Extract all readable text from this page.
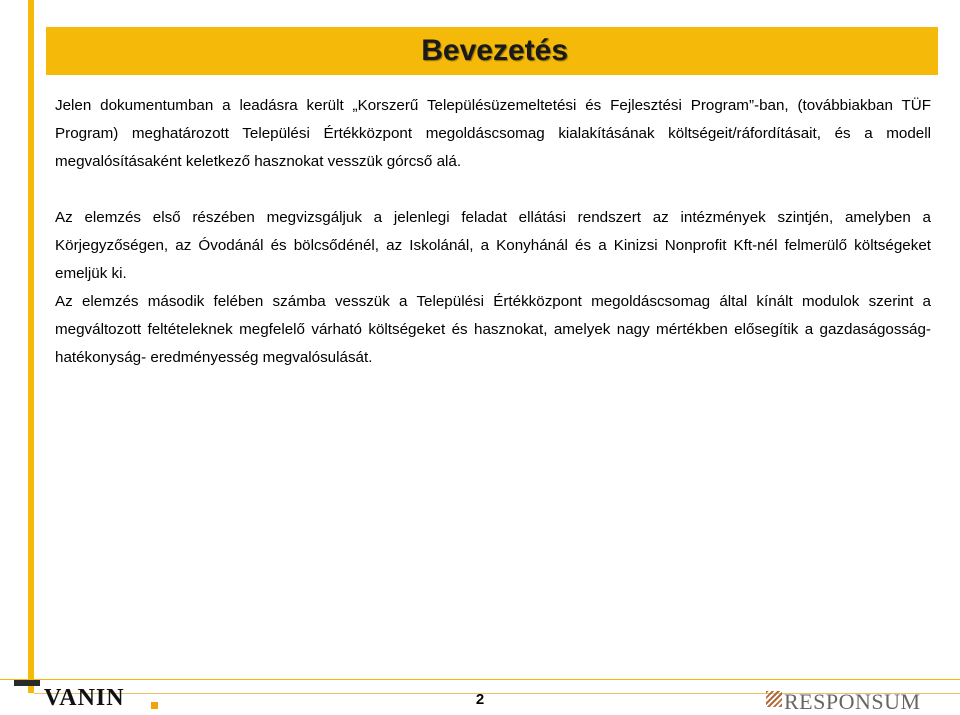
Bevezetés

Jelen dokumentumban a leadásra került „Korszerű Településüzemeltetési és Fejlesztési Program”-ban, (továbbiakban TÜF Program) meghatározott Települési Értékközpont megoldáscsomag kialakításának költségeit/ráfordításait, és a modell megvalósításaként keletkező hasznokat vesszük górcső alá.

Az elemzés első részében megvizsgáljuk a jelenlegi feladat ellátási rendszert az intézmények szintjén, amelyben a Körjegyzőségen, az Óvodánál és bölcsődénél, az Iskolánál, a Konyhánál és a Kinizsi Nonprofit Kft-nél felmerülő költségeket emeljük ki.

Az elemzés második felében számba vesszük a Települési Értékközpont megoldáscsomag által kínált modulok szerint a megváltozott feltételeknek megfelelő várható költségeket és hasznokat, amelyek nagy mértékben elősegítik a gazdaságosság- hatékonyság- eredményesség megvalósulását.

VANIN	2	RESPONSUM
